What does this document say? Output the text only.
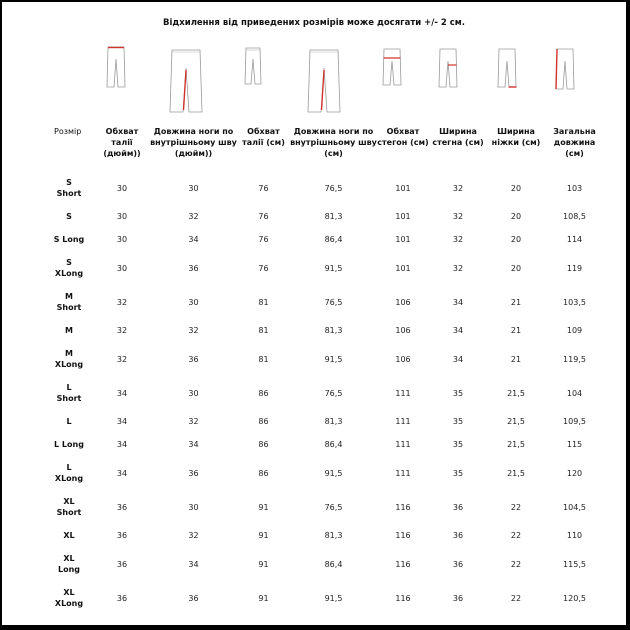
Відхилення від приведених розмірів може досягати +/- 2 см.
Розмір	Обхват талії (дюйм))	Довжина ноги по внутрішньому шву (дюйм))	Обхват талії (см)	Довжина ноги по внутрішньому шву (см)	Обхват стегон (см)	Ширина стегна (см)	Ширина ніжки (см)	Загальна довжина (см)
S
Short	30	30	76	76,5	101	32	20	103
S	30	32	76	81,3	101	32	20	108,5
S Long	30	34	76	86,4	101	32	20	114
S
XLong	30	36	76	91,5	101	32	20	119
M
Short	32	30	81	76,5	106	34	21	103,5
M	32	32	81	81,3	106	34	21	109
M
XLong	32	36	81	91,5	106	34	21	119,5
L
Short	34	30	86	76,5	111	35	21,5	104
L	34	32	86	81,3	111	35	21,5	109,5
L Long	34	34	86	86,4	111	35	21,5	115
L
XLong	34	36	86	91,5	111	35	21,5	120
XL
Short	36	30	91	76,5	116	36	22	104,5
XL	36	32	91	81,3	116	36	22	110
XL
Long	36	34	91	86,4	116	36	22	115,5
XL
XLong	36	36	91	91,5	116	36	22	120,5
